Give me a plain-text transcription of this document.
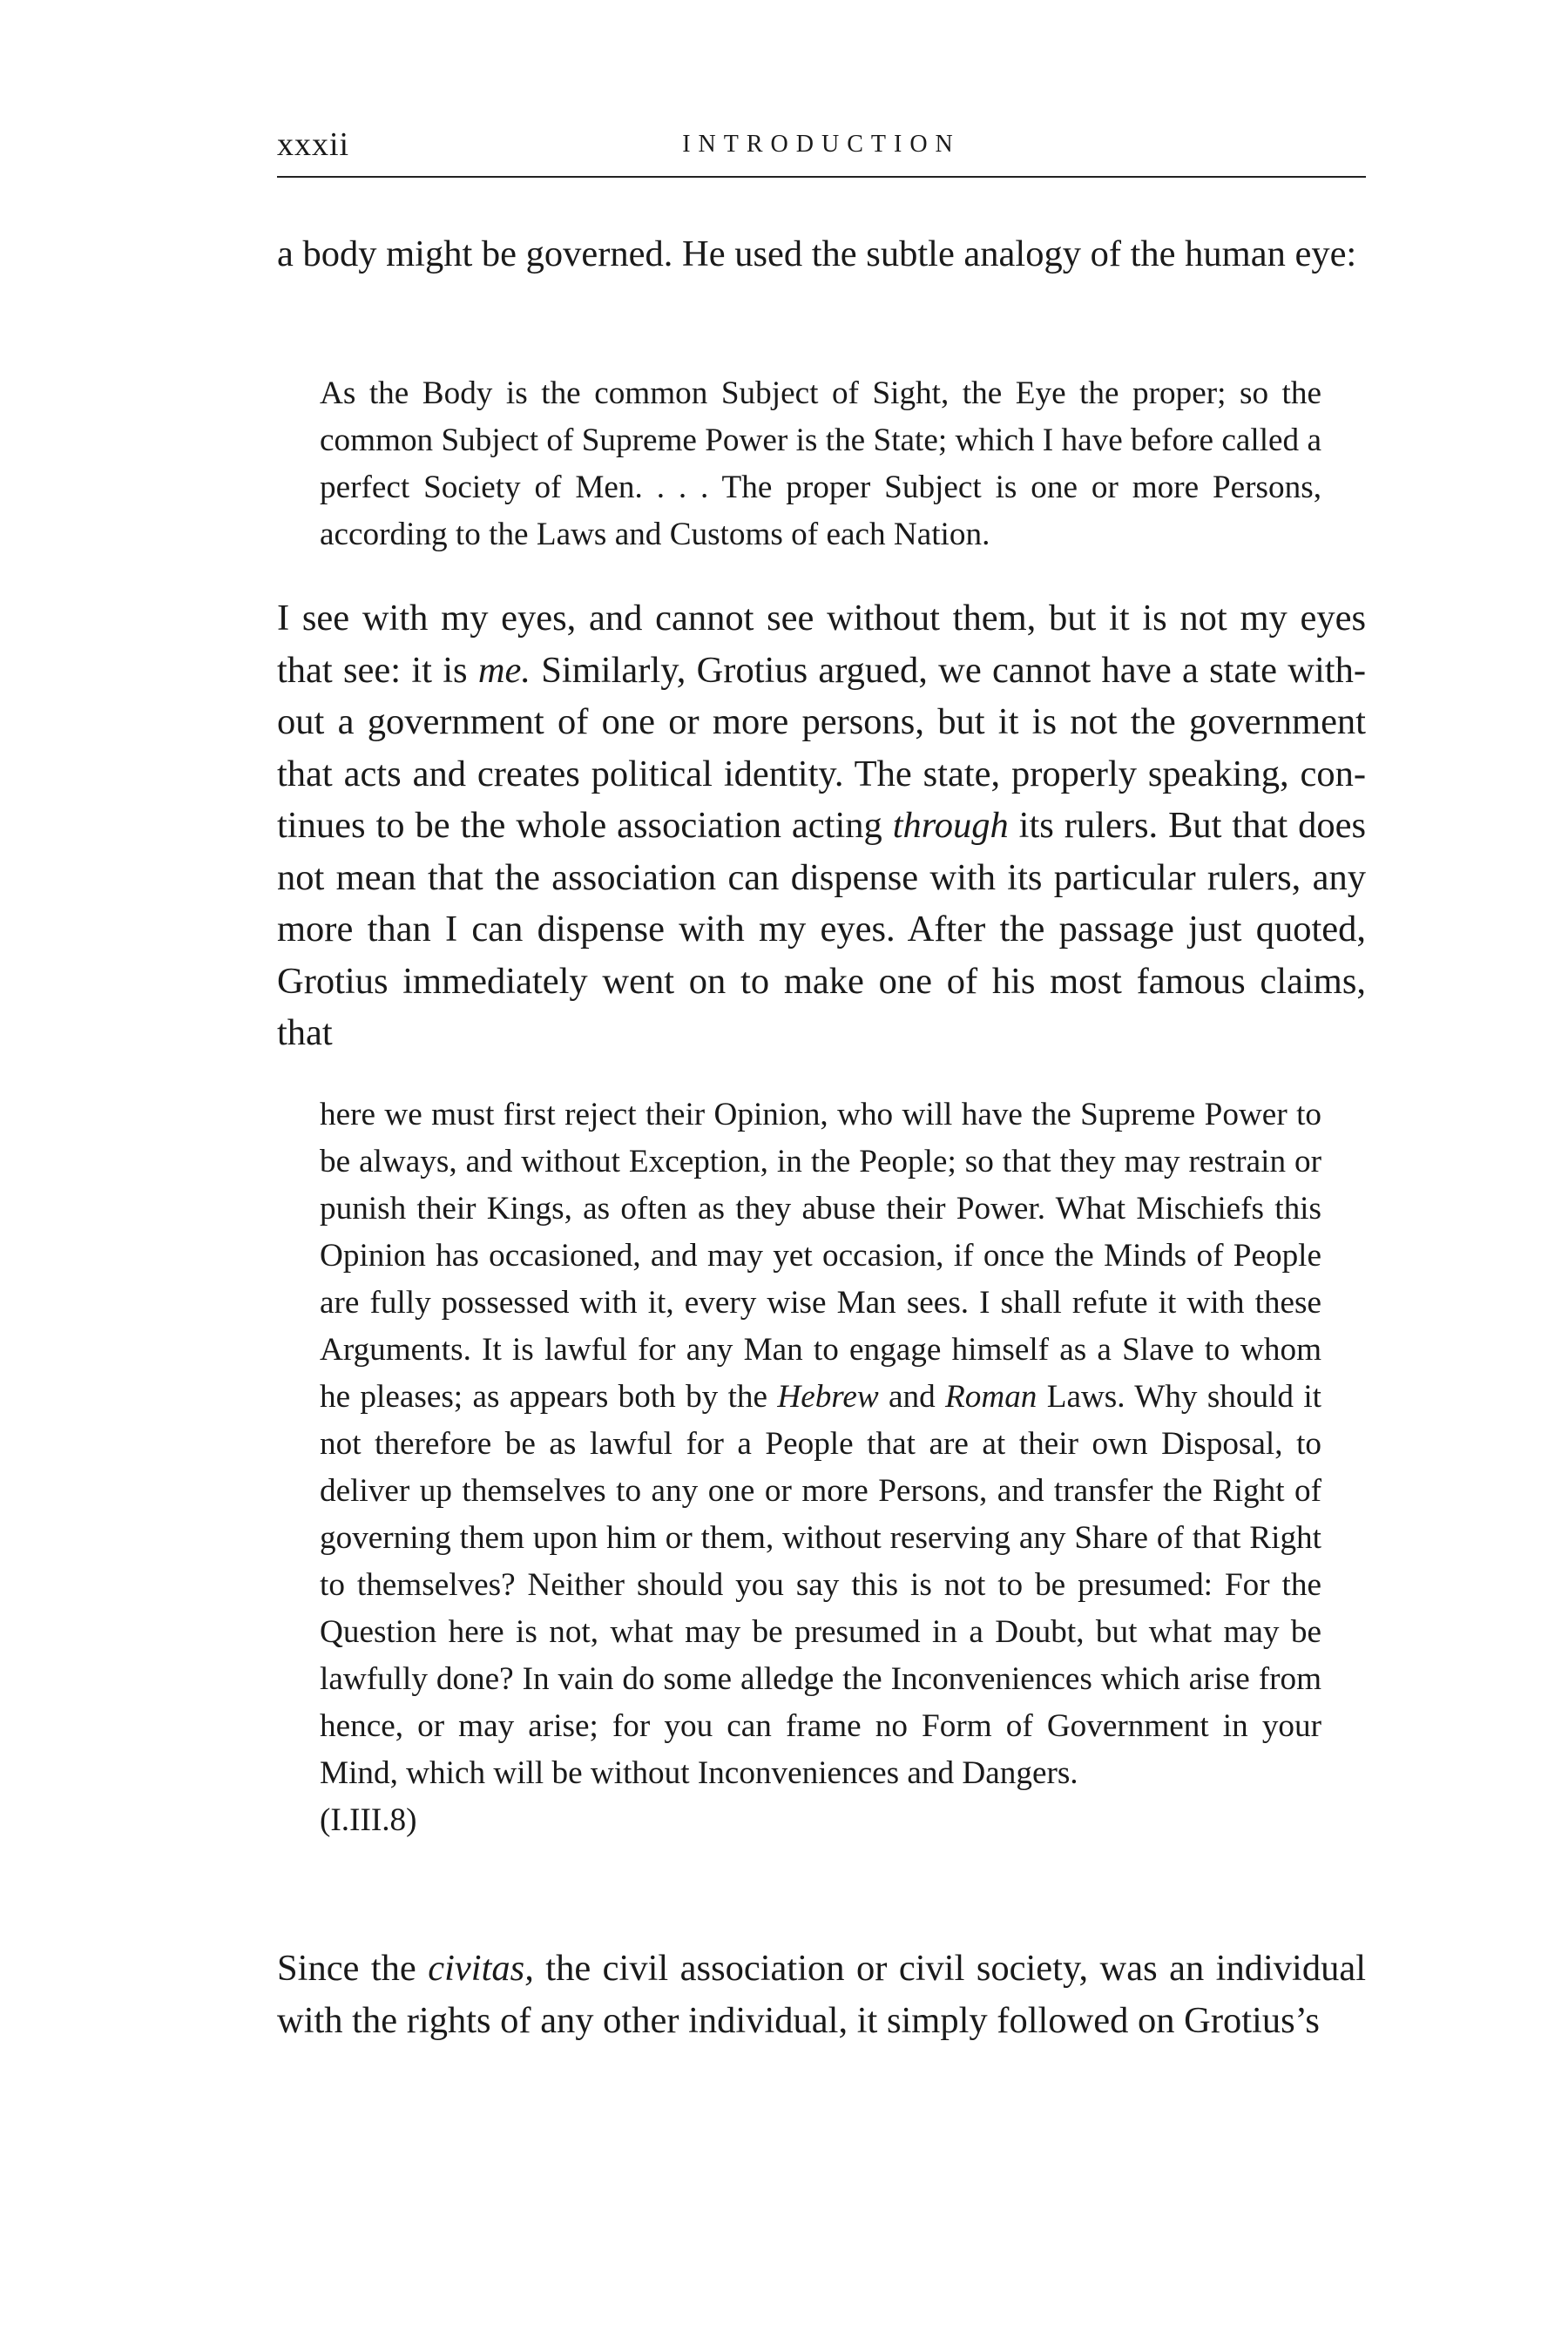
xxxii	INTRODUCTION

a body might be governed. He used the subtle analogy of the human eye:

As the Body is the common Subject of Sight, the Eye the proper; so the common Subject of Supreme Power is the State; which I have before called a perfect Society of Men. . . . The proper Subject is one or more Persons, according to the Laws and Customs of each Nation.

I see with my eyes, and cannot see without them, but it is not my eyes that see: it is me. Similarly, Grotius argued, we cannot have a state without a government of one or more persons, but it is not the government that acts and creates political identity. The state, properly speaking, continues to be the whole association acting through its rulers. But that does not mean that the association can dispense with its particular rulers, any more than I can dispense with my eyes. After the passage just quoted, Grotius immediately went on to make one of his most famous claims, that

here we must first reject their Opinion, who will have the Supreme Power to be always, and without Exception, in the People; so that they may restrain or punish their Kings, as often as they abuse their Power. What Mischiefs this Opinion has occasioned, and may yet occasion, if once the Minds of People are fully possessed with it, every wise Man sees. I shall refute it with these Arguments. It is lawful for any Man to engage himself as a Slave to whom he pleases; as appears both by the Hebrew and Roman Laws. Why should it not therefore be as lawful for a People that are at their own Disposal, to deliver up themselves to any one or more Persons, and transfer the Right of governing them upon him or them, without reserving any Share of that Right to themselves? Neither should you say this is not to be presumed: For the Question here is not, what may be presumed in a Doubt, but what may be lawfully done? In vain do some alledge the Inconveniences which arise from hence, or may arise; for you can frame no Form of Government in your Mind, which will be without Inconveniences and Dangers.
(I.III.8)

Since the civitas, the civil association or civil society, was an individual with the rights of any other individual, it simply followed on Grotius’s
